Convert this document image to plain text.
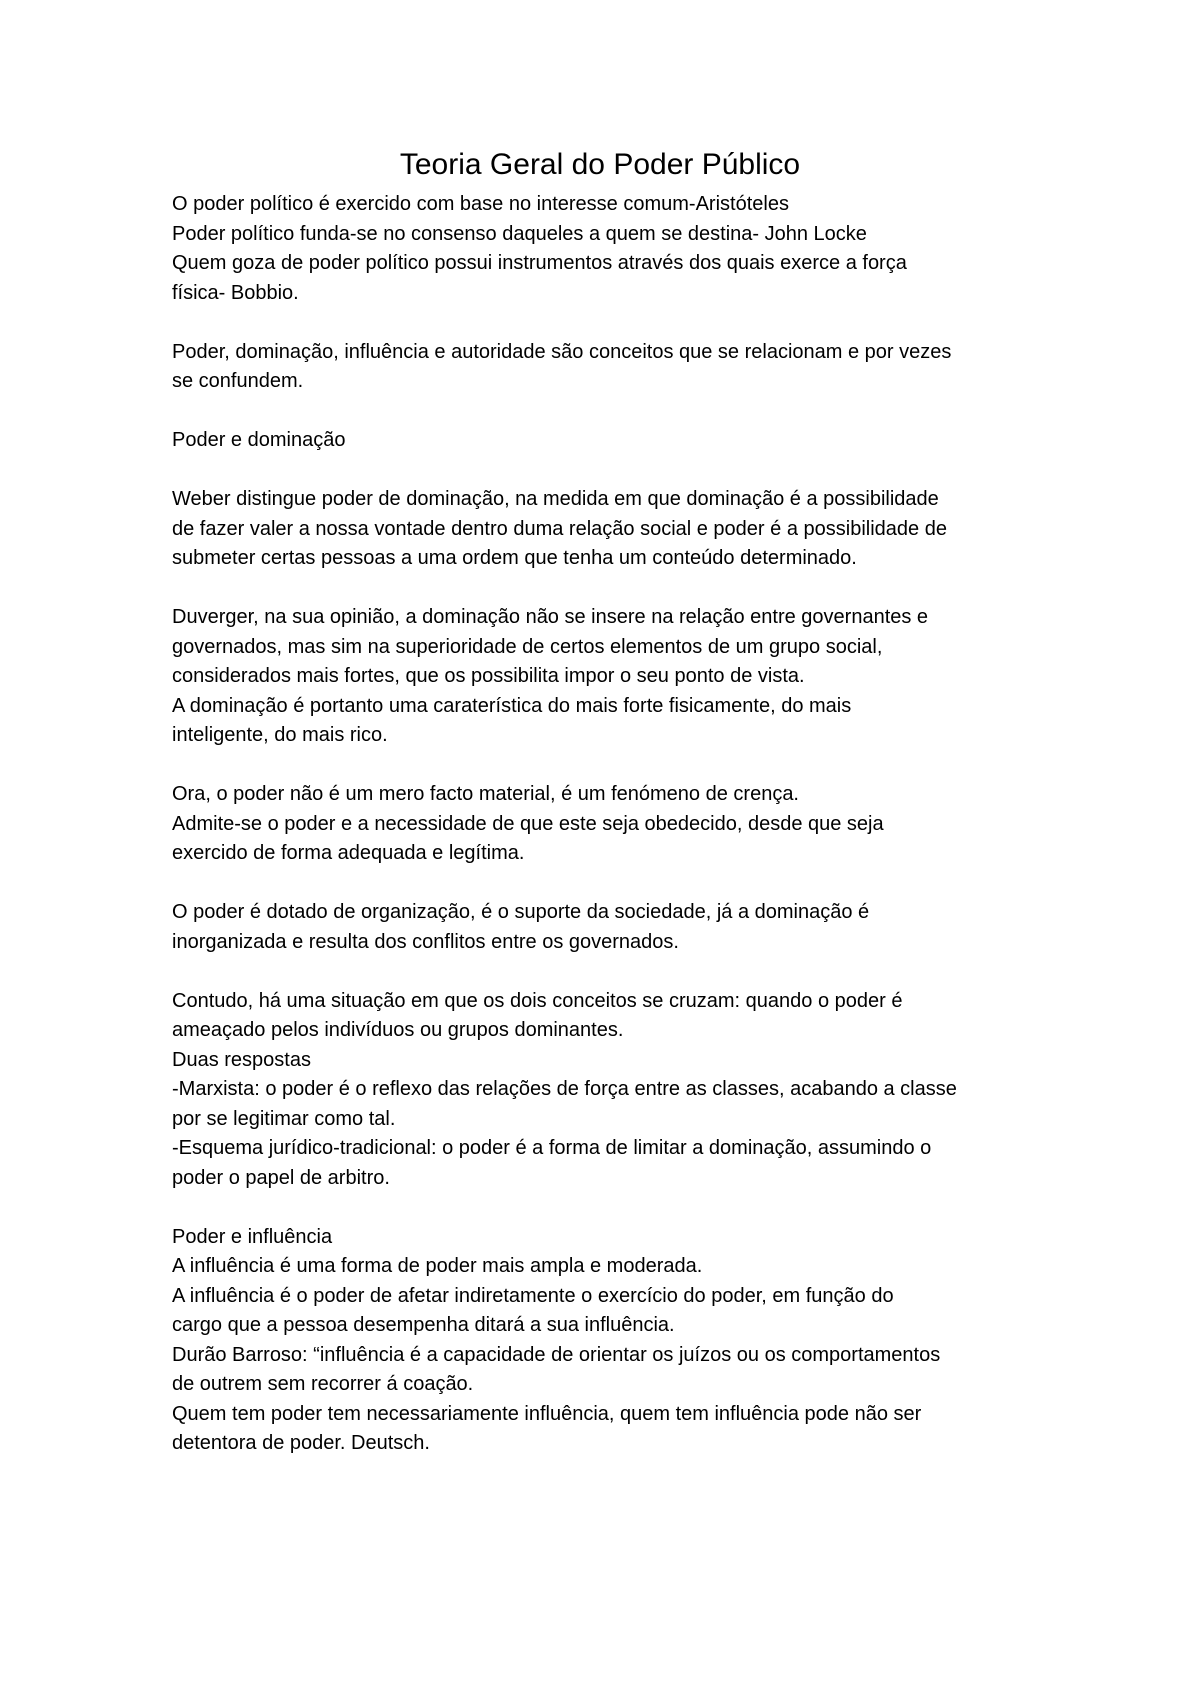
Teoria Geral do Poder Público
O poder político é exercido com base no interesse comum-Aristóteles
Poder político funda-se no consenso daqueles a quem se destina- John Locke
Quem goza de poder político possui instrumentos através dos quais exerce a força
física- Bobbio.
Poder, dominação, influência e autoridade são conceitos que se relacionam e por vezes
se confundem.
Poder e dominação
Weber distingue poder de dominação, na medida em que dominação é a possibilidade
de fazer valer a nossa vontade dentro duma relação social e poder é a possibilidade de
submeter certas pessoas a uma ordem que tenha um conteúdo determinado.
Duverger, na sua opinião, a dominação não se insere na relação entre governantes e
governados, mas sim na superioridade de certos elementos de um grupo social,
considerados mais fortes, que os possibilita impor o seu ponto de vista.
A dominação é portanto uma caraterística do mais forte fisicamente, do mais
inteligente, do mais rico.
Ora, o poder não é um mero facto material, é um fenómeno de crença.
Admite-se o poder e a necessidade de que este seja obedecido, desde que seja
exercido de forma adequada e legítima.
O poder é dotado de organização, é o suporte da sociedade, já a dominação é
inorganizada e resulta dos conflitos entre os governados.
Contudo, há uma situação em que os dois conceitos se cruzam: quando o poder é
ameaçado pelos indivíduos ou grupos dominantes.
Duas respostas
-Marxista: o poder é o reflexo das relações de força entre as classes, acabando a classe
por se legitimar como tal.
-Esquema jurídico-tradicional: o poder é a forma de limitar a dominação, assumindo o
poder o papel de arbitro.
Poder e influência
A influência é uma forma de poder mais ampla e moderada.
A influência é o poder de afetar indiretamente o exercício do poder, em função do
cargo que a pessoa desempenha ditará a sua influência.
Durão Barroso: “influência é a capacidade de orientar os juízos ou os comportamentos
de outrem sem recorrer á coação.
Quem tem poder tem necessariamente influência, quem tem influência pode não ser
detentora de poder. Deutsch.
